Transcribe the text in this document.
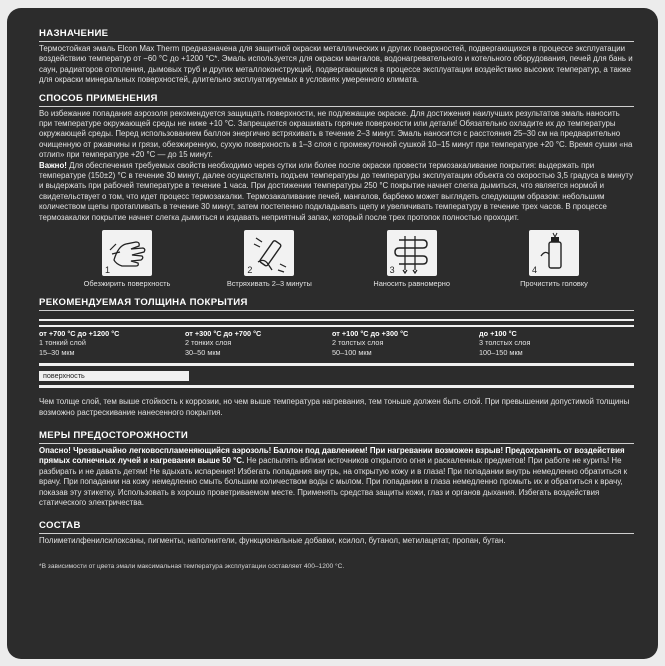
НАЗНАЧЕНИЕ

Термостойкая эмаль Elcon Max Therm предназначена для защитной окраски металлических и других поверхностей, подвергающихся в процессе эксплуатации воздействию температур от −60 °С до +1200 °С*. Эмаль используется для окраски мангалов, водонагревательного и котельного оборудования, печей для бань и саун, радиаторов отопления, дымовых труб и других металлоконструкций, подвергающихся в процессе эксплуатации воздействию высоких температур, а также для окраски минеральных поверхностей, длительно эксплуатируемых в условиях умеренного климата.

СПОСОБ ПРИМЕНЕНИЯ

Во избежание попадания аэрозоля рекомендуется защищать поверхности, не подлежащие окраске. Для достижения наилучших результатов эмаль наносить при температуре окружающей среды не ниже +10 °С. Запрещается окрашивать горячие поверхности или детали! Обязательно охладите их до температуры окружающей среды. Перед использованием баллон энергично встряхивать в течение 2–3 минут. Эмаль наносится с расстояния 25–30 см на предварительно очищенную от ржавчины и грязи, обезжиренную, сухую поверхность в 1–3 слоя с промежуточной сушкой 10–15 минут при температуре +20 °С. Время сушки «на отлип» при температуре +20 °С — до 15 минут.

Важно! Для обеспечения требуемых свойств необходимо через сутки или более после окраски провести термозакаливание покрытия: выдержать при температуре (150±2) °С в течение 30 минут, далее осуществлять подъем температуры до температуры эксплуатации объекта со скоростью 3,5 градуса в минуту и выдержать при рабочей температуре в течение 1 часа. При достижении температуры 250 °С покрытие начнет слегка дымиться, что является нормой и свидетельствует о том, что идет процесс термозакалки. Термозакаливание печей, мангалов, барбекю может выглядеть следующим образом: небольшим количеством щепы протапливать в течение 30 минут, затем постепенно подкладывать щепу и увеличивать температуру в течение трех часов. В процессе термозакалки покрытие начнет слегка дымиться и издавать неприятный запах, который после трех протопок полностью проходит.

1
Обезжирить поверхность
2
Встряхивать 2–3 минуты
3
Наносить равномерно
4
Прочистить головку
РЕКОМЕНДУЕМАЯ ТОЛЩИНА ПОКРЫТИЯ
от +700 °С до +1200 °С
1 тонкий слой
15–30 мкм
от +300 °С до +700 °С
2 тонких слоя
30–50 мкм
от +100 °С до +300 °С
2 толстых слоя
50–100 мкм
до +100 °С
3 толстых слоя
100–150 мкм
поверхность

Чем толще слой, тем выше стойкость к коррозии, но чем выше температура нагревания, тем тоньше должен быть слой. При превышении допустимой толщины возможно растрескивание нанесенного покрытия.

МЕРЫ ПРЕДОСТОРОЖНОСТИ

Опасно! Чрезвычайно легковоспламеняющийся аэрозоль! Баллон под давлением! При нагревании возможен взрыв! Предохранять от воздействия прямых солнечных лучей и нагревания выше 50 °С. Не распылять вблизи источников открытого огня и раскаленных предметов! При работе не курить! Не разбирать и не давать детям! Не вдыхать испарения! Избегать попадания внутрь, на открытую кожу и в глаза! При попадании внутрь немедленно обратиться к врачу. При попадании на кожу немедленно смыть большим количеством воды с мылом. При попадании в глаза немедленно промыть их и обратиться к врачу, показав эту этикетку. Использовать в хорошо проветриваемом месте. Применять средства защиты кожи, глаз и органов дыхания. Избегать воздействия статического электричества.

СОСТАВ

Полиметилфенилсилоксаны, пигменты, наполнители, функциональные добавки, ксилол, бутанол, метилацетат, пропан, бутан.

*В зависимости от цвета эмали максимальная температура эксплуатации составляет 400–1200 °С.
